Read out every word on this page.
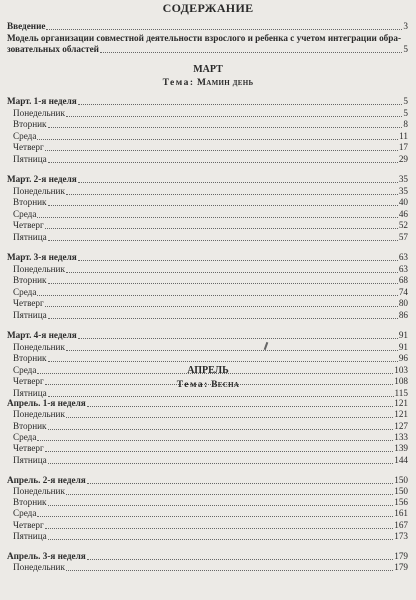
СОДЕРЖАНИЕ
Введение	3
Модель организации совместной деятельности взрослого и ребенка с учетом интеграции обра-
зовательных областей	5
МАРТ
Тема: Мамин день
Март. 1-я неделя	5
Понедельник	5
Вторник	8
Среда	11
Четверг	17
Пятница	29
Март. 2-я неделя	35
Понедельник	35
Вторник	40
Среда	46
Четверг	52
Пятница	57
Март. 3-я неделя	63
Понедельник	63
Вторник	68
Среда	74
Четверг	80
Пятница	86
Март. 4-я неделя	91
Понедельник	91
Вторник	96
Среда	103
Четверг	108
Пятница	115
АПРЕЛЬ
Тема: Весна
Апрель. 1-я неделя	121
Понедельник	121
Вторник	127
Среда	133
Четверг	139
Пятница	144
Апрель. 2-я неделя	150
Понедельник	150
Вторник	156
Среда	161
Четверг	167
Пятница	173
Апрель. 3-я неделя	179
Понедельник	179
